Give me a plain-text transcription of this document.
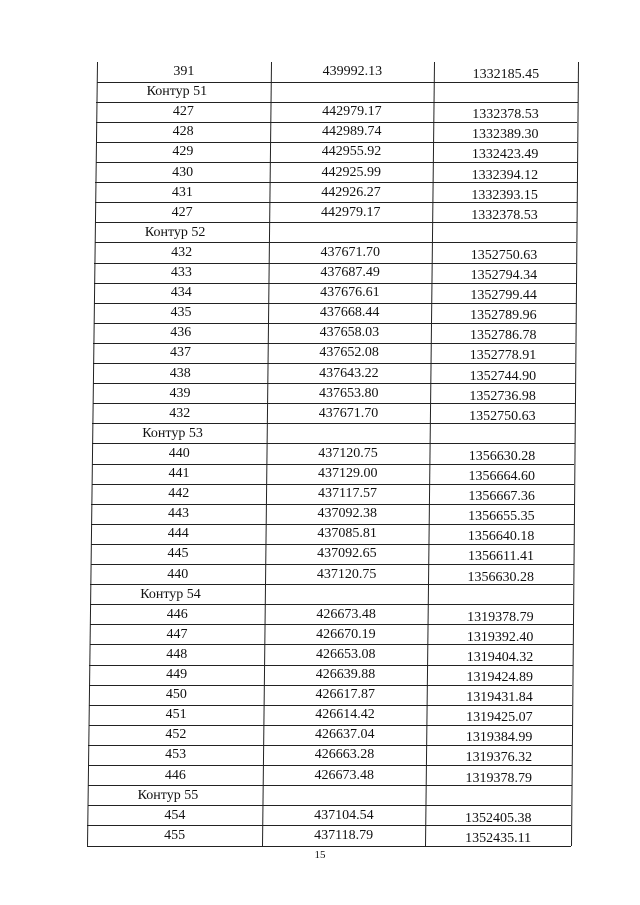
391	439992.13	1332185.45
Контур 51
427	442979.17	1332378.53
428	442989.74	1332389.30
429	442955.92	1332423.49
430	442925.99	1332394.12
431	442926.27	1332393.15
427	442979.17	1332378.53
Контур 52
432	437671.70	1352750.63
433	437687.49	1352794.34
434	437676.61	1352799.44
435	437668.44	1352789.96
436	437658.03	1352786.78
437	437652.08	1352778.91
438	437643.22	1352744.90
439	437653.80	1352736.98
432	437671.70	1352750.63
Контур 53
440	437120.75	1356630.28
441	437129.00	1356664.60
442	437117.57	1356667.36
443	437092.38	1356655.35
444	437085.81	1356640.18
445	437092.65	1356611.41
440	437120.75	1356630.28
Контур 54
446	426673.48	1319378.79
447	426670.19	1319392.40
448	426653.08	1319404.32
449	426639.88	1319424.89
450	426617.87	1319431.84
451	426614.42	1319425.07
452	426637.04	1319384.99
453	426663.28	1319376.32
446	426673.48	1319378.79
Контур 55
454	437104.54	1352405.38
455	437118.79	1352435.11
15
